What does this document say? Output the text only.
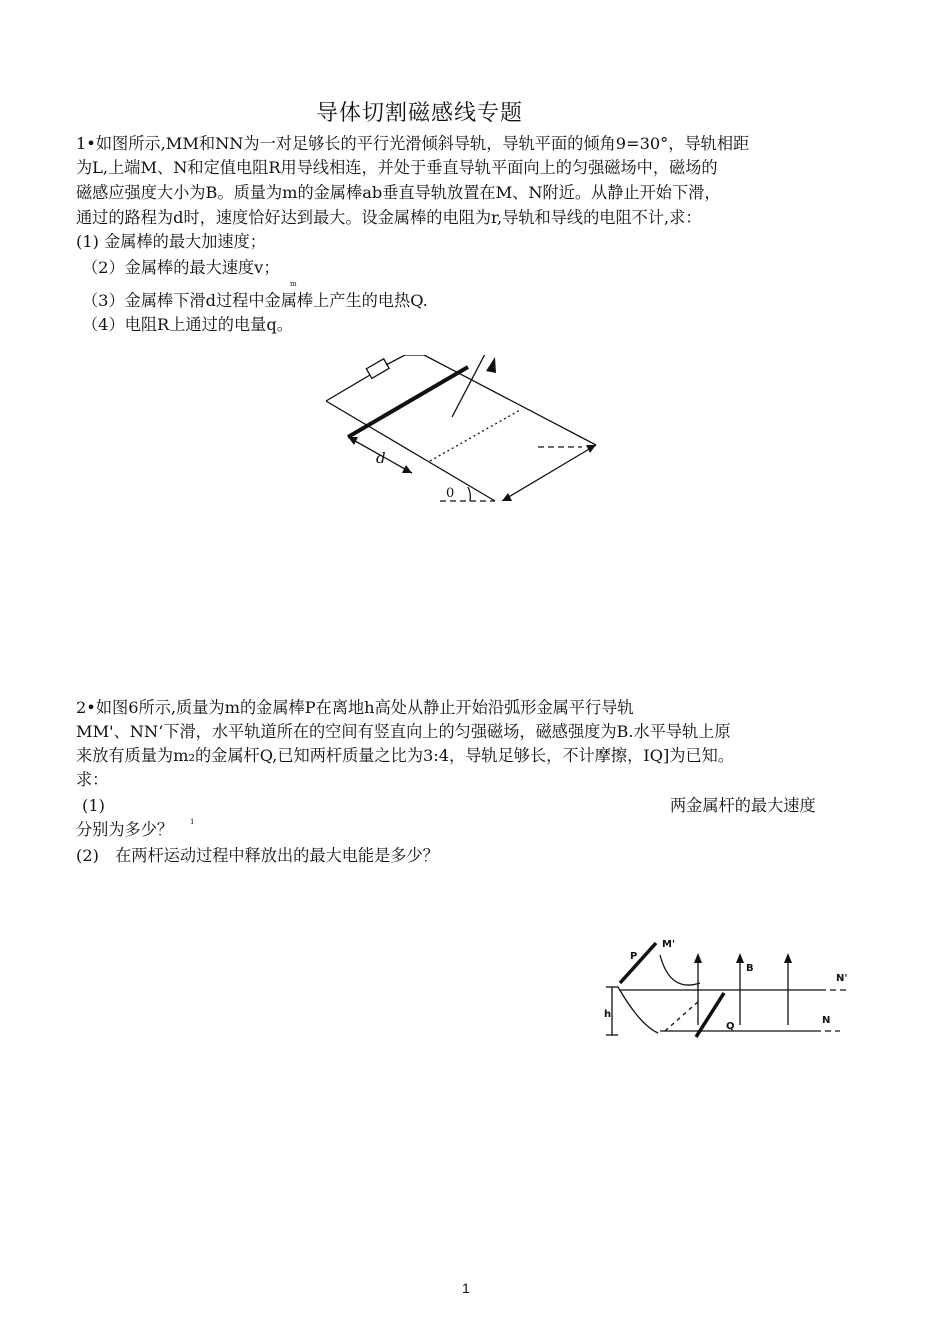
导体切割磁感线专题
1•如图所示,MM和NN为一对足够长的平行光滑倾斜导轨，导轨平面的倾角9=30°，导轨相距
为L,上端M、N和定值电阻R用导线相连，并处于垂直导轨平面向上的匀强磁场中，磁场的
磁感应强度大小为B。质量为m的金属棒ab垂直导轨放置在M、N附近。从静止开始下滑，
通过的路程为d时，速度恰好达到最大。设金属棒的电阻为r,导轨和导线的电阻不计,求：
(1) 金属棒的最大加速度；
（2）金属棒的最大速度v；
m
（3）金属棒下滑d过程中金属棒上产生的电热Q.
（4）电阻R上通过的电量q。
d
0
2•如图6所示,质量为m的金属棒P在离地h高处从静止开始沿弧形金属平行导轨
MM'、NN‘下滑，水平轨道所在的空间有竖直向上的匀强磁场，磁感强度为B.水平导轨上原
来放有质量为m₂的金属杆Q,已知两杆质量之比为3:4，导轨足够长，不计摩擦，IQ]为已知。
求：
(1)	两金属杆的最大速度
分别为多少？ 1
(2)　在两杆运动过程中释放出的最大电能是多少？
P
M'
B
N'
h
Q
N
1
